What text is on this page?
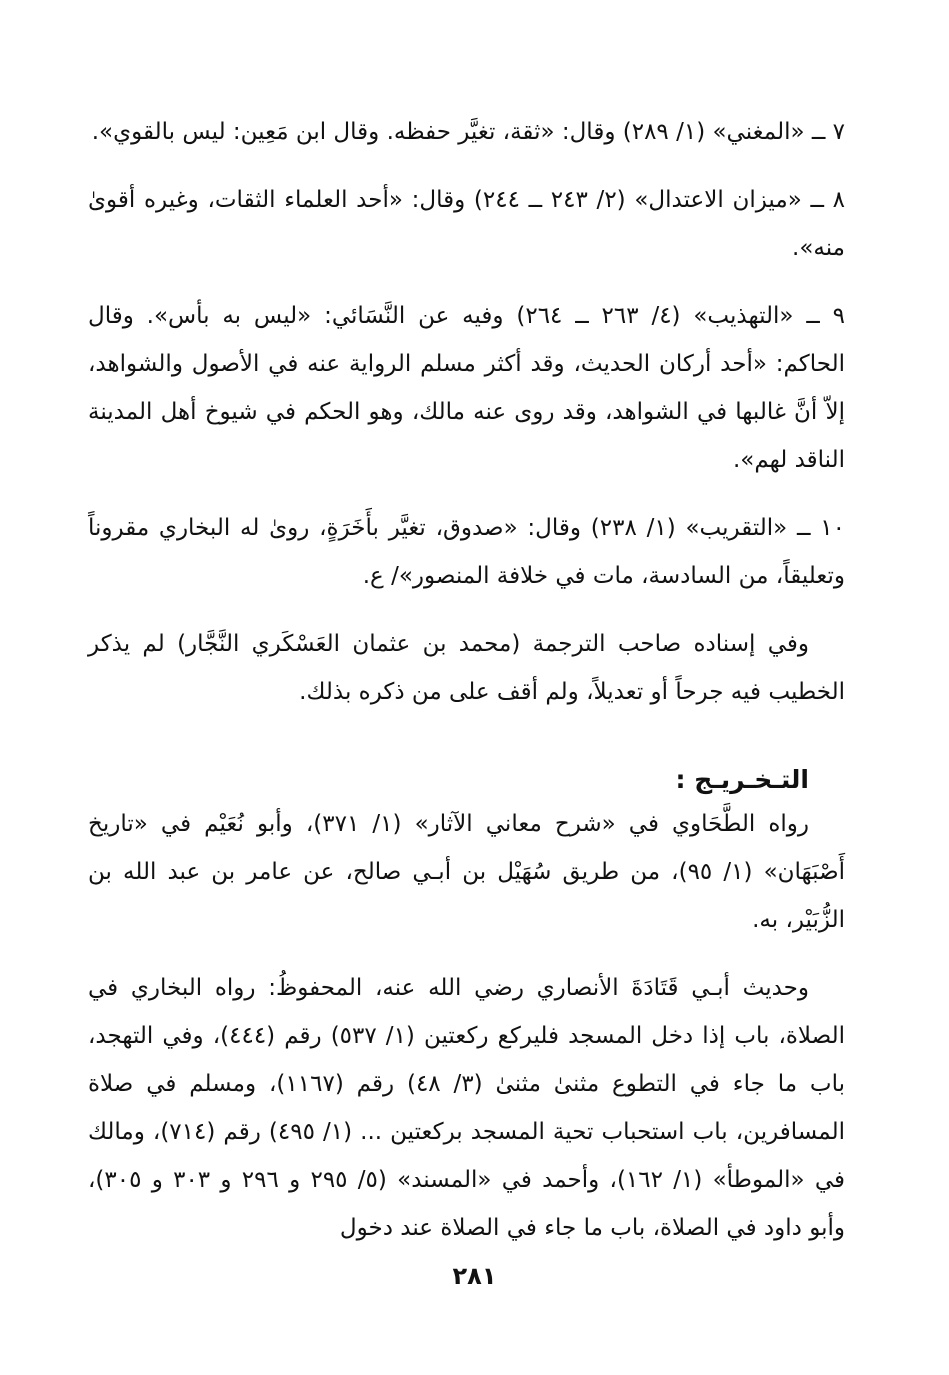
٧ ــ «المغني» (١/ ٢٨٩) وقال: «ثقة، تغيَّر حفظه. وقال ابن مَعِين: ليس بالقوي».

٨ ــ «ميزان الاعتدال» (٢/ ٢٤٣ ــ ٢٤٤) وقال: «أحد العلماء الثقات، وغيره أقوىٰ منه».

٩ ــ «التهذيب» (٤/ ٢٦٣ ــ ٢٦٤) وفيه عن النَّسَائي: «ليس به بأس». وقال الحاكم: «أحد أركان الحديث، وقد أكثر مسلم الرواية عنه في الأصول والشواهد، إلاّ أنَّ غالبها في الشواهد، وقد روى عنه مالك، وهو الحكم في شيوخ أهل المدينة الناقد لهم».

١٠ ــ «التقريب» (١/ ٢٣٨) وقال: «صدوق، تغيَّر بأَخَرَةٍ، روىٰ له البخاري مقروناً وتعليقاً، من السادسة، مات في خلافة المنصور»/ ع.

وفي إسناده صاحب الترجمة (محمد بن عثمان العَسْكَري النَّجَّار) لم يذكر الخطيب فيه جرحاً أو تعديلاً، ولم أقف على من ذكره بذلك.

التـخـريـج :

رواه الطَّحَاوي في «شرح معاني الآثار» (١/ ٣٧١)، وأبو نُعَيْم في «تاريخ أَصْبَهَان» (١/ ٩٥)، من طريق سُهَيْل بن أبـي صالح، عن عامر بن عبد الله بن الزُّبَيْر، به.

وحديث أبـي قَتَادَةَ الأنصاري رضي الله عنه، المحفوظُ: رواه البخاري في الصلاة، باب إذا دخل المسجد فليركع ركعتين (١/ ٥٣٧) رقم (٤٤٤)، وفي التهجد، باب ما جاء في التطوع مثنىٰ مثنىٰ (٣/ ٤٨) رقم (١١٦٧)، ومسلم في صلاة المسافرين، باب استحباب تحية المسجد بركعتين ... (١/ ٤٩٥) رقم (٧١٤)، ومالك في «الموطأ» (١/ ١٦٢)، وأحمد في «المسند» (٥/ ٢٩٥ و ٢٩٦ و ٣٠٣ و ٣٠٥)، وأبو داود في الصلاة، باب ما جاء في الصلاة عند دخول

٢٨١
